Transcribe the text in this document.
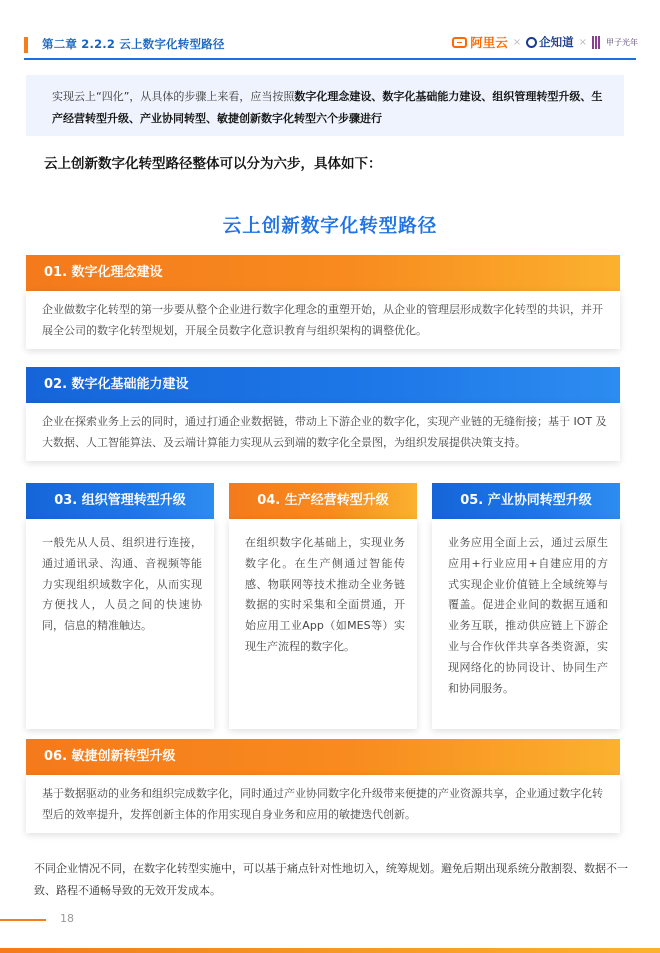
第二章 2.2.2 云上数字化转型路径	阿里云 × 企知道 × 甲子光年
实现云上“四化”，从具体的步骤上来看，应当按照数字化理念建设、数字化基础能力建设、组织管理转型升级、生产经营转型升级、产业协同转型、敏捷创新数字化转型六个步骤进行
云上创新数字化转型路径整体可以分为六步，具体如下：
云上创新数字化转型路径
01. 数字化理念建设
企业做数字化转型的第一步要从整个企业进行数字化理念的重塑开始，从企业的管理层形成数字化转型的共识，并开展全公司的数字化转型规划，开展全员数字化意识教育与组织架构的调整优化。
02. 数字化基础能力建设
企业在探索业务上云的同时，通过打通企业数据链，带动上下游企业的数字化，实现产业链的无缝衔接；基于 IOT 及大数据、人工智能算法、及云端计算能力实现从云到端的数字化全景图，为组织发展提供决策支持。
03. 组织管理转型升级
一般先从人员、组织进行连接，通过通讯录、沟通、音视频等能力实现组织域数字化，从而实现方便找人，人员之间的快速协同，信息的精准触达。
04. 生产经营转型升级
在组织数字化基础上，实现业务数字化。在生产侧通过智能传感、物联网等技术推动全业务链数据的实时采集和全面贯通，开始应用工业App（如MES等）实现生产流程的数字化。
05. 产业协同转型升级
业务应用全面上云，通过云原生应用+行业应用+自建应用的方式实现企业价值链上全域统筹与覆盖。促进企业间的数据互通和业务互联，推动供应链上下游企业与合作伙伴共享各类资源，实现网络化的协同设计、协同生产和协同服务。
06. 敏捷创新转型升级
基于数据驱动的业务和组织完成数字化，同时通过产业协同数字化升级带来便捷的产业资源共享，企业通过数字化转型后的效率提升，发挥创新主体的作用实现自身业务和应用的敏捷迭代创新。
不同企业情况不同，在数字化转型实施中，可以基于痛点针对性地切入，统筹规划。避免后期出现系统分散割裂、数据不一致、路程不通畅导致的无效开发成本。
18
